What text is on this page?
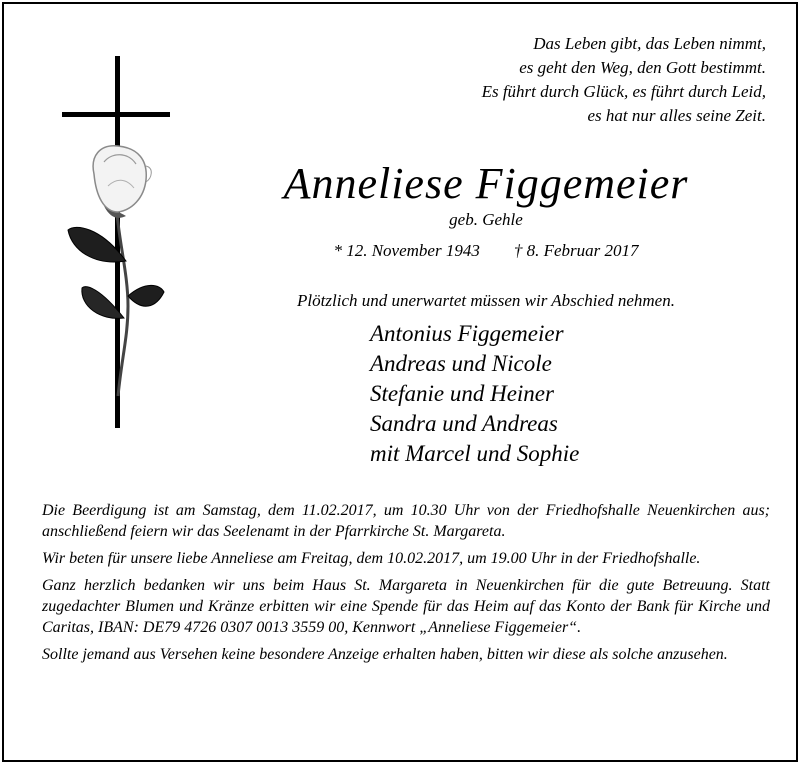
Das Leben gibt, das Leben nimmt,
es geht den Weg, den Gott bestimmt.
Es führt durch Glück, es führt durch Leid,
es hat nur alles seine Zeit.
Anneliese Figgemeier
geb. Gehle
* 12. November 1943 † 8. Februar 2017
Plötzlich und unerwartet müssen wir Abschied nehmen.
Antonius Figgemeier
Andreas und Nicole
Stefanie und Heiner
Sandra und Andreas
mit Marcel und Sophie

Die Beerdigung ist am Samstag, dem 11.02.2017, um 10.30 Uhr von der Friedhofshalle Neuenkirchen aus; anschließend feiern wir das Seelenamt in der Pfarrkirche St. Margareta.

Wir beten für unsere liebe Anneliese am Freitag, dem 10.02.2017, um 19.00 Uhr in der Friedhofshalle.

Ganz herzlich bedanken wir uns beim Haus St. Margareta in Neuenkirchen für die gute Betreuung. Statt zugedachter Blumen und Kränze erbitten wir eine Spende für das Heim auf das Konto der Bank für Kirche und Caritas, IBAN: DE79 4726 0307 0013 3559 00, Kennwort „Anneliese Figgemeier“.

Sollte jemand aus Versehen keine besondere Anzeige erhalten haben, bitten wir diese als solche anzusehen.
